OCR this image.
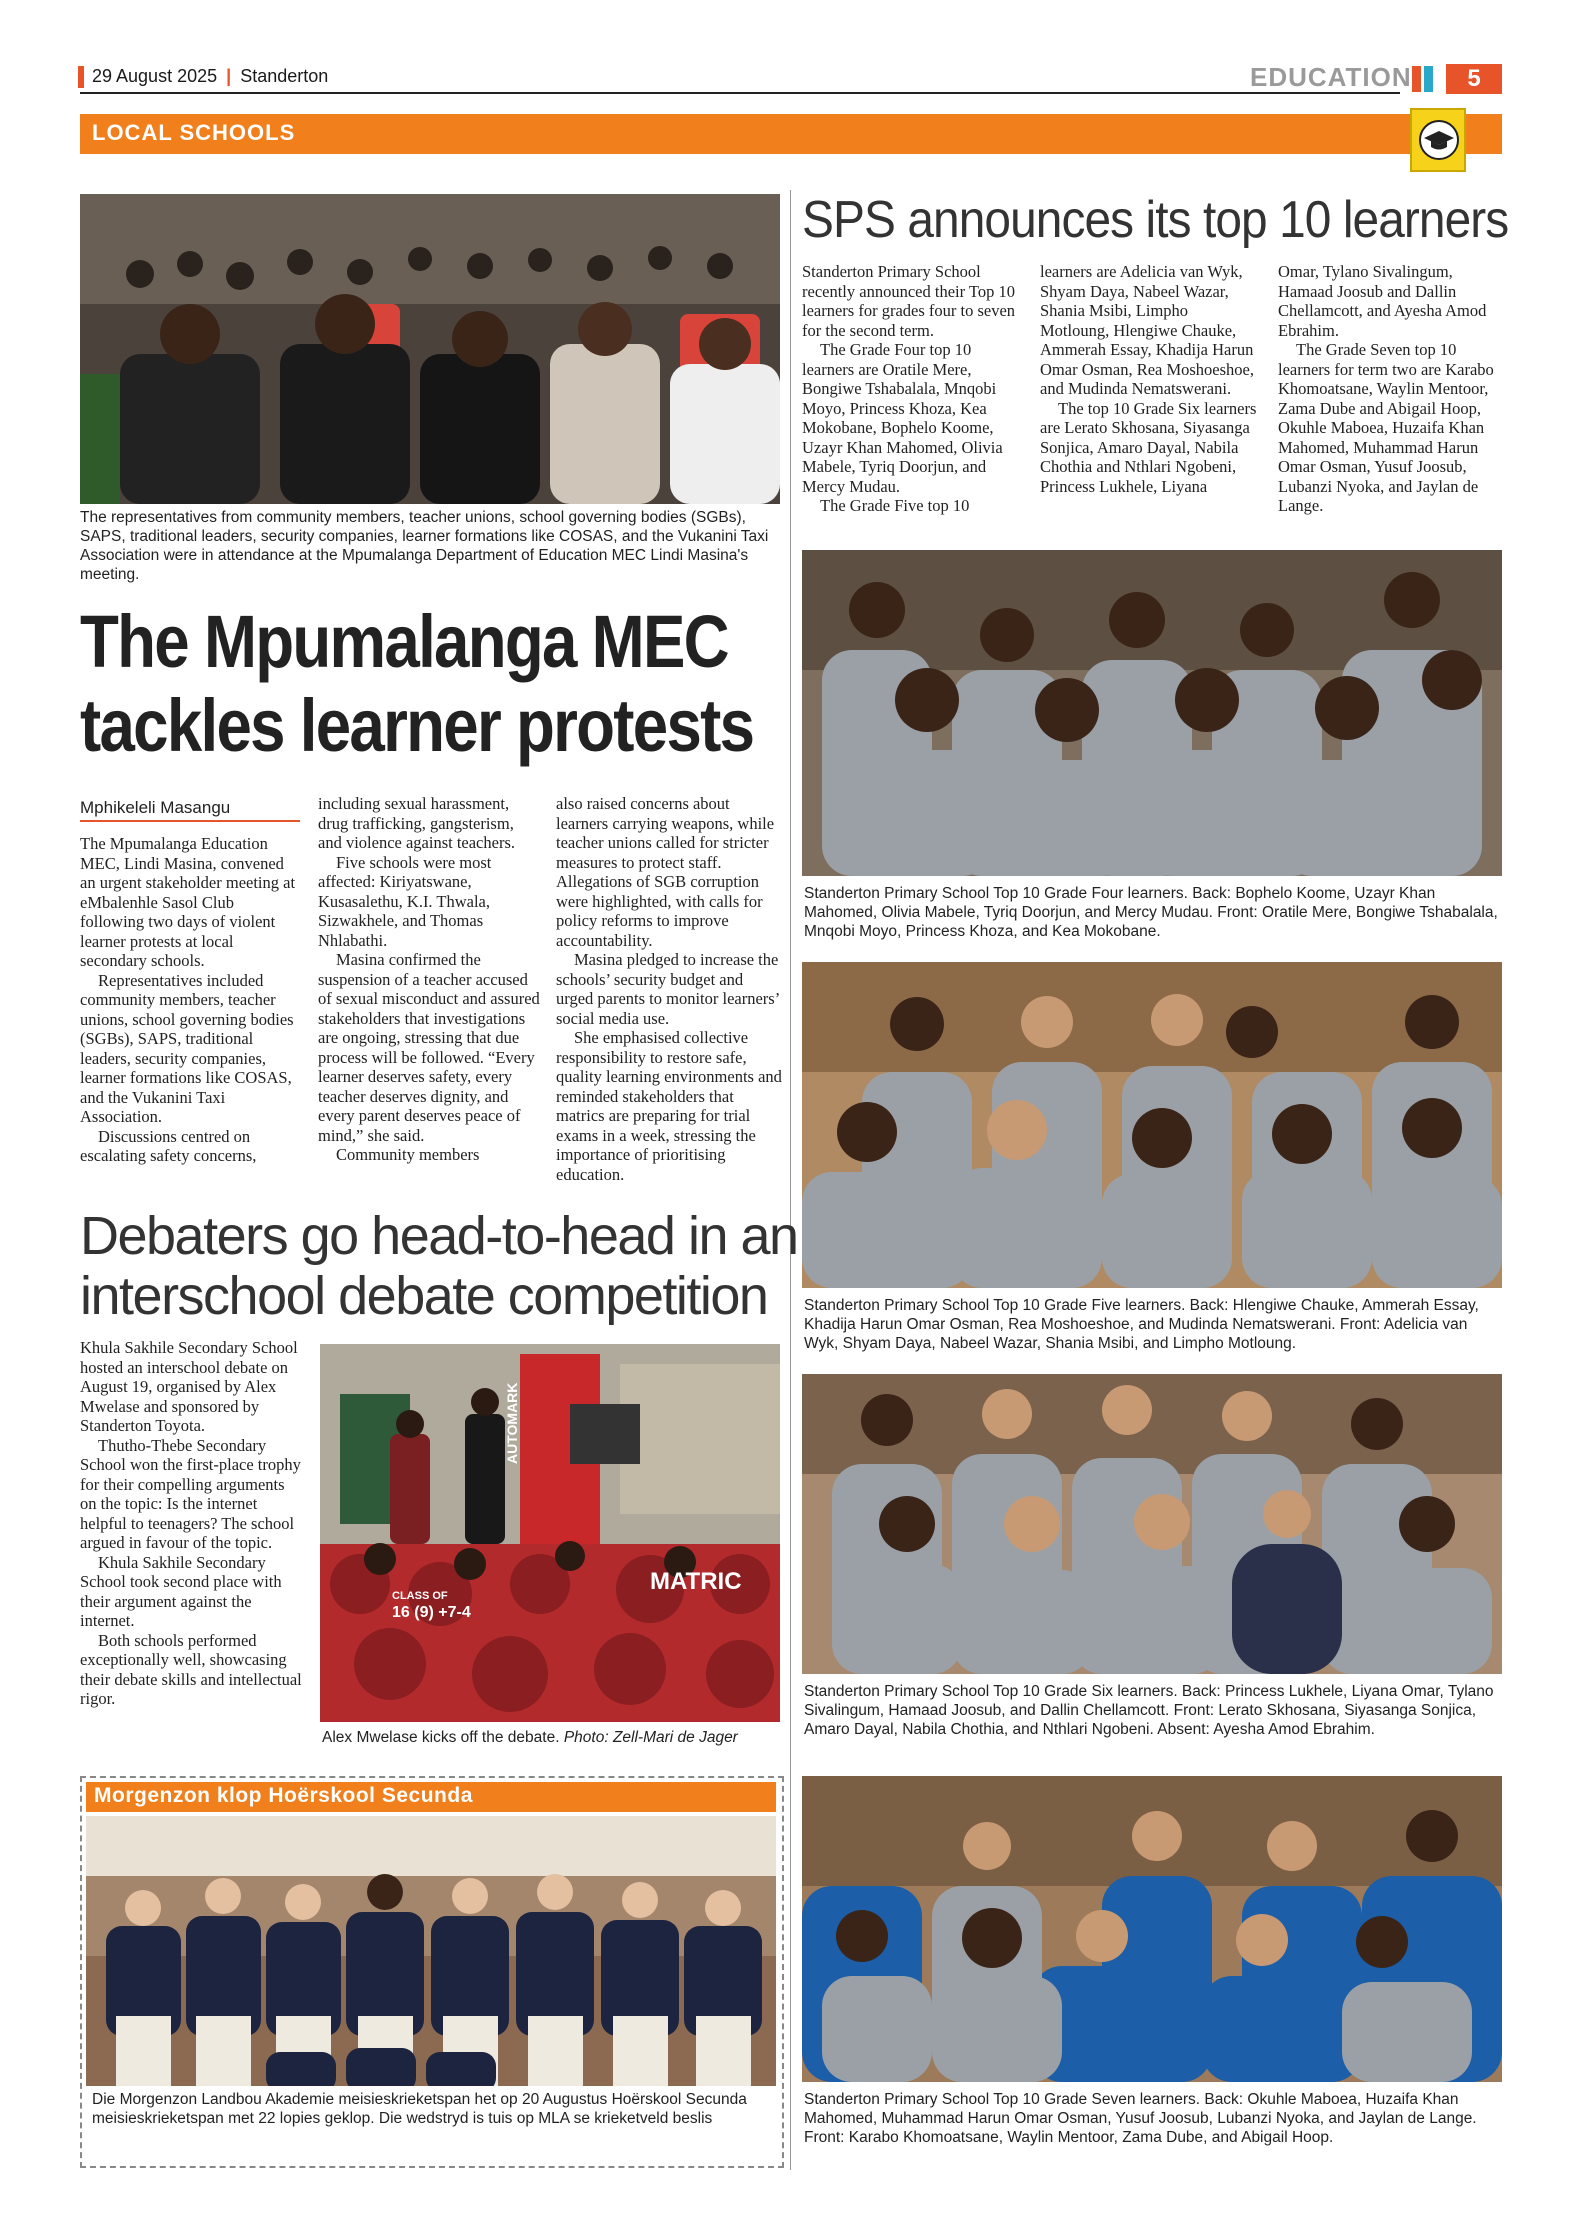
29 August 2025 | Standerton	EDUCATION	5
LOCAL SCHOOLS
The representatives from community members, teacher unions, school governing bodies (SGBs), SAPS, traditional leaders, security companies, learner formations like COSAS, and the Vukanini Taxi Association were in attendance at the Mpumalanga Department of Education MEC Lindi Masina's meeting.
The Mpumalanga MEC
tackles learner protests
Mphikeleli Masangu

The Mpumalanga Education MEC, Lindi Masina, convened an urgent stakeholder meeting at eMbalenhle Sasol Club following two days of violent learner protests at local secondary schools.

Representatives included community members, teacher unions, school governing bodies (SGBs), SAPS, traditional leaders, security companies, learner formations like COSAS, and the Vukanini Taxi Association.

Discussions centred on escalating safety concerns,

including sexual harassment, drug trafficking, gangsterism, and violence against teachers.

Five schools were most affected: Kiriyatswane, Kusasalethu, K.I. Thwala, Sizwakhele, and Thomas Nhlabathi.

Masina confirmed the suspension of a teacher accused of sexual misconduct and assured stakeholders that investigations are ongoing, stressing that due process will be followed. “Every learner deserves safety, every teacher deserves dignity, and every parent deserves peace of mind,” she said.

Community members

also raised concerns about learners carrying weapons, while teacher unions called for stricter measures to protect staff. Allegations of SGB corruption were highlighted, with calls for policy reforms to improve accountability.

Masina pledged to increase the schools’ security budget and urged parents to monitor learners’ social media use.

She emphasised collective responsibility to restore safe, quality learning environments and reminded stakeholders that matrics are preparing for trial exams in a week, stressing the importance of prioritising education.

Debaters go head-to-head in an
interschool debate competition

Khula Sakhile Secondary School hosted an interschool debate on August 19, organised by Alex Mwelase and sponsored by Standerton Toyota.

Thutho-Thebe Secondary School won the first-place trophy for their compelling arguments on the topic: Is the internet helpful to teenagers? The school argued in favour of the topic.

Khula Sakhile Secondary School took second place with their argument against the internet.

Both schools performed exceptionally well, showcasing their debate skills and intellectual rigor.

AUTOMARK
MATRIC
CLASS OF
16 (9) +7-4
Alex Mwelase kicks off the debate. Photo: Zell-Mari de Jager
Morgenzon klop Hoërskool Secunda
Die Morgenzon Landbou Akademie meisieskrieketspan het op 20 Augustus Hoërskool Secunda meisieskrieketspan met 22 lopies geklop. Die wedstryd is tuis op MLA se krieketveld beslis
SPS announces its top 10 learners

Standerton Primary School recently announced their Top 10 learners for grades four to seven for the second term.

The Grade Four top 10 learners are Oratile Mere, Bongiwe Tshabalala, Mnqobi Moyo, Princess Khoza, Kea Mokobane, Bophelo Koome, Uzayr Khan Mahomed, Olivia Mabele, Tyriq Doorjun, and Mercy Mudau.

The Grade Five top 10

learners are Adelicia van Wyk, Shyam Daya, Nabeel Wazar, Shania Msibi, Limpho Motloung, Hlengiwe Chauke, Ammerah Essay, Khadija Harun Omar Osman, Rea Moshoeshoe, and Mudinda Nematswerani.

The top 10 Grade Six learners are Lerato Skhosana, Siyasanga Sonjica, Amaro Dayal, Nabila Chothia and Nthlari Ngobeni, Princess Lukhele, Liyana

Omar, Tylano Sivalingum, Hamaad Joosub and Dallin Chellamcott, and Ayesha Amod Ebrahim.

The Grade Seven top 10 learners for term two are Karabo Khomoatsane, Waylin Mentoor, Zama Dube and Abigail Hoop, Okuhle Maboea, Huzaifa Khan Mahomed, Muhammad Harun Omar Osman, Yusuf Joosub, Lubanzi Nyoka, and Jaylan de Lange.

Standerton Primary School Top 10 Grade Four learners. Back: Bophelo Koome, Uzayr Khan Mahomed, Olivia Mabele, Tyriq Doorjun, and Mercy Mudau. Front: Oratile Mere, Bongiwe Tshabalala, Mnqobi Moyo, Princess Khoza, and Kea Mokobane.
Standerton Primary School Top 10 Grade Five learners. Back: Hlengiwe Chauke, Ammerah Essay, Khadija Harun Omar Osman, Rea Moshoeshoe, and Mudinda Nematswerani. Front: Adelicia van Wyk, Shyam Daya, Nabeel Wazar, Shania Msibi, and Limpho Motloung.
Standerton Primary School Top 10 Grade Six learners. Back: Princess Lukhele, Liyana Omar, Tylano Sivalingum, Hamaad Joosub, and Dallin Chellamcott. Front: Lerato Skhosana, Siyasanga Sonjica, Amaro Dayal, Nabila Chothia, and Nthlari Ngobeni. Absent: Ayesha Amod Ebrahim.
Standerton Primary School Top 10 Grade Seven learners. Back: Okuhle Maboea, Huzaifa Khan Mahomed, Muhammad Harun Omar Osman, Yusuf Joosub, Lubanzi Nyoka, and Jaylan de Lange. Front: Karabo Khomoatsane, Waylin Mentoor, Zama Dube, and Abigail Hoop.
